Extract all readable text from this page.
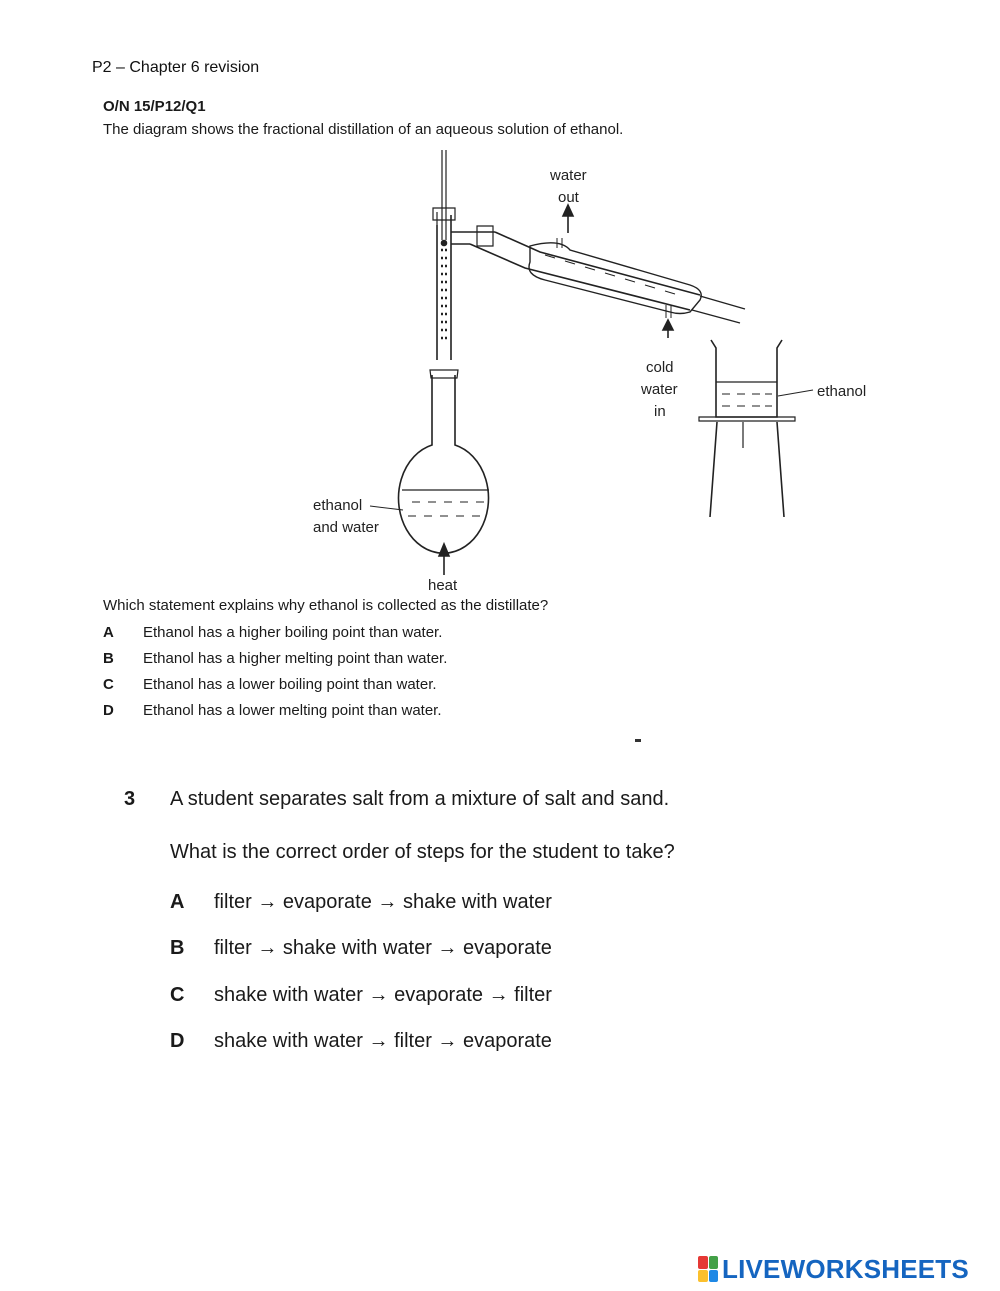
P2 – Chapter 6 revision
O/N 15/P12/Q1
The diagram shows the fractional distillation of an aqueous solution of ethanol.
water
out
cold
water
in
ethanol
ethanol
and water
heat
Which statement explains why ethanol is collected as the distillate?
A Ethanol has a higher boiling point than water.
B Ethanol has a higher melting point than water.
C Ethanol has a lower boiling point than water.
D Ethanol has a lower melting point than water.
3 A student separates salt from a mixture of salt and sand.
What is the correct order of steps for the student to take?
A filter → evaporate → shake with water
B filter → shake with water → evaporate
C shake with water → evaporate → filter
D shake with water → filter → evaporate
LIVEWORKSHEETS
